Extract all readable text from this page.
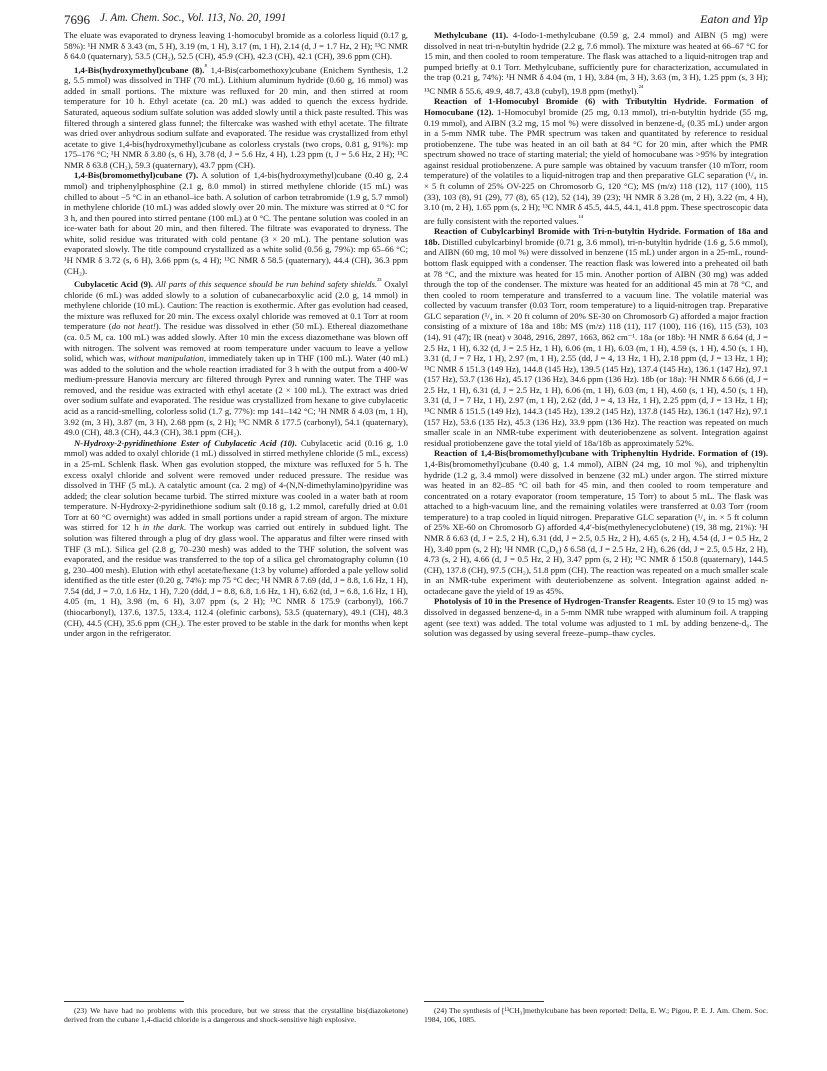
7696 J. Am. Chem. Soc., Vol. 113, No. 20, 1991	Eaton and Yip

The eluate was evaporated to dryness leaving 1-homocubyl bromide as a colorless liquid (0.17 g, 58%): ¹H NMR δ 3.43 (m, 5 H), 3.19 (m, 1 H), 3.17 (m, 1 H), 2.14 (d, J = 1.7 Hz, 2 H); ¹³C NMR δ 64.0 (quaternary), 53.5 (CH₂), 52.5 (CH), 45.9 (CH), 42.3 (CH), 42.1 (CH), 39.6 ppm (CH).

1,4-Bis(hydroxymethyl)cubane (8).$^{^8}$ 1,4-Bis(carbomethoxy)cubane (Enichem Synthesis, 1.2 g, 5.5 mmol) was dissolved in THF (70 mL). Lithium aluminum hydride (0.60 g, 16 mmol) was added in small portions. The mixture was refluxed for 20 min, and then stirred at room temperature for 10 h. Ethyl acetate (ca. 20 mL) was added to quench the excess hydride. Saturated, aqueous sodium sulfate solution was added slowly until a thick paste resulted. This was filtered through a sintered glass funnel; the filtercake was washed with ethyl acetate. The filtrate was dried over anhydrous sodium sulfate and evaporated. The residue was crystallized from ethyl acetate to give 1,4-bis(hydroxymethyl)cubane as colorless crystals (two crops, 0.81 g, 91%): mp 175–176 °C; ¹H NMR δ 3.80 (s, 6 H), 3.78 (d, J = 5.6 Hz, 4 H), 1.23 ppm (t, J = 5.6 Hz, 2 H); ¹³C NMR δ 63.8 (CH₂), 59.3 (quaternary), 43.7 ppm (CH).

1,4-Bis(bromomethyl)cubane (7). A solution of 1,4-bis(hydroxymethyl)cubane (0.40 g, 2.4 mmol) and triphenylphosphine (2.1 g, 8.0 mmol) in stirred methylene chloride (15 mL) was chilled to about −5 °C in an ethanol–ice bath. A solution of carbon tetrabromide (1.9 g, 5.7 mmol) in methylene chloride (10 mL) was added slowly over 20 min. The mixture was stirred at 0 °C for 3 h, and then poured into stirred pentane (100 mL) at 0 °C. The pentane solution was cooled in an ice-water bath for about 20 min, and then filtered. The filtrate was evaporated to dryness. The white, solid residue was triturated with cold pentane (3 × 20 mL). The pentane solution was evaporated slowly. The title compound crystallized as a white solid (0.56 g, 79%): mp 65–66 °C; ¹H NMR δ 3.72 (s, 6 H), 3.66 ppm (s, 4 H); ¹³C NMR δ 58.5 (quaternary), 44.4 (CH), 36.3 ppm (CH₂).

Cubylacetic Acid (9). All parts of this sequence should be run behind safety shields.$^{^{23}}$ Oxalyl chloride (6 mL) was added slowly to a solution of cubanecarboxylic acid (2.0 g, 14 mmol) in methylene chloride (10 mL). Caution: The reaction is exothermic. After gas evolution had ceased, the mixture was refluxed for 20 min. The excess oxalyl chloride was removed at 0.1 Torr at room temperature (do not heat!). The residue was dissolved in ether (50 mL). Ethereal diazomethane (ca. 0.5 M, ca. 100 mL) was added slowly. After 10 min the excess diazomethane was blown off with nitrogen. The solvent was removed at room temperature under vacuum to leave a yellow solid, which was, without manipulation, immediately taken up in THF (100 mL). Water (40 mL) was added to the solution and the whole reaction irradiated for 3 h with the output from a 400-W medium-pressure Hanovia mercury arc filtered through Pyrex and running water. The THF was removed, and the residue was extracted with ethyl acetate (2 × 100 mL). The extract was dried over sodium sulfate and evaporated. The residue was crystallized from hexane to give cubylacetic acid as a rancid-smelling, colorless solid (1.7 g, 77%): mp 141–142 °C; ¹H NMR δ 4.03 (m, 1 H), 3.92 (m, 3 H), 3.87 (m, 3 H), 2.68 ppm (s, 2 H); ¹³C NMR δ 177.5 (carbonyl), 54.1 (quaternary), 49.0 (CH), 48.3 (CH), 44.3 (CH), 38.1 ppm (CH₂).

N-Hydroxy-2-pyridinethione Ester of Cubylacetic Acid (10). Cubylacetic acid (0.16 g, 1.0 mmol) was added to oxalyl chloride (1 mL) dissolved in stirred methylene chloride (5 mL, excess) in a 25-mL Schlenk flask. When gas evolution stopped, the mixture was refluxed for 5 h. The excess oxalyl chloride and solvent were removed under reduced pressure. The residue was dissolved in THF (5 mL). A catalytic amount (ca. 2 mg) of 4-(N,N-dimethylamino)pyridine was added; the clear solution became turbid. The stirred mixture was cooled in a water bath at room temperature. N-Hydroxy-2-pyridinethione sodium salt (0.18 g, 1.2 mmol, carefully dried at 0.01 Torr at 60 °C overnight) was added in small portions under a rapid stream of argon. The mixture was stirred for 12 h in the dark. The workup was carried out entirely in subdued light. The solution was filtered through a plug of dry glass wool. The apparatus and filter were rinsed with THF (3 mL). Silica gel (2.8 g, 70–230 mesh) was added to the THF solution, the solvent was evaporated, and the residue was transferred to the top of a silica gel chromatography column (10 g, 230–400 mesh). Elution with ethyl acetate/hexane (1:3 by volume) afforded a pale yellow solid identified as the title ester (0.20 g, 74%): mp 75 °C dec; ¹H NMR δ 7.69 (dd, J = 8.8, 1.6 Hz, 1 H), 7.54 (dd, J = 7.0, 1.6 Hz, 1 H), 7.20 (ddd, J = 8.8, 6.8, 1.6 Hz, 1 H), 6.62 (td, J = 6.8, 1.6 Hz, 1 H), 4.05 (m, 1 H), 3.98 (m, 6 H), 3.07 ppm (s, 2 H); ¹³C NMR δ 175.9 (carbonyl), 166.7 (thiocarbonyl), 137.6, 137.5, 133.4, 112.4 (olefinic carbons), 53.5 (quaternary), 49.1 (CH), 48.3 (CH), 44.5 (CH), 35.6 ppm (CH₂). The ester proved to be stable in the dark for months when kept under argon in the refrigerator.

Methylcubane (11). 4-Iodo-1-methylcubane (0.59 g, 2.4 mmol) and AIBN (5 mg) were dissolved in neat tri-n-butyltin hydride (2.2 g, 7.6 mmol). The mixture was heated at 66–67 °C for 15 min, and then cooled to room temperature. The flask was attached to a liquid-nitrogen trap and pumped briefly at 0.1 Torr. Methylcubane, sufficiently pure for characterization, accumulated in the trap (0.21 g, 74%): ¹H NMR δ 4.04 (m, 1 H), 3.84 (m, 3 H), 3.63 (m, 3 H), 1.25 ppm (s, 3 H); ¹³C NMR δ 55.6, 49.9, 48.7, 43.8 (cubyl), 19.8 ppm (methyl).$^{^{24}}$

Reaction of 1-Homocubyl Bromide (6) with Tributyltin Hydride. Formation of Homocubane (12). 1-Homocubyl bromide (25 mg, 0.13 mmol), tri-n-butyltin hydride (55 mg, 0.19 mmol), and AIBN (3.2 mg, 15 mol %) were dissolved in benzene-d₆ (0.35 mL) under argon in a 5-mm NMR tube. The PMR spectrum was taken and quantitated by reference to residual protiobenzene. The tube was heated in an oil bath at 84 °C for 20 min, after which the PMR spectrum showed no trace of starting material; the yield of homocubane was >95% by integration against residual protiobenzene. A pure sample was obtained by vacuum transfer (10 mTorr, room temperature) of the volatiles to a liquid-nitrogen trap and then preparative GLC separation (¹/₄ in. × 5 ft column of 25% OV-225 on Chromosorb G, 120 °C); MS (m/z) 118 (12), 117 (100), 115 (33), 103 (8), 91 (29), 77 (8), 65 (12), 52 (14), 39 (23); ¹H NMR δ 3.28 (m, 2 H), 3.22 (m, 4 H), 3.10 (m, 2 H), 1.65 ppm (s, 2 H); ¹³C NMR δ 45.5, 44.5, 44.1, 41.8 ppm. These spectroscopic data are fully consistent with the reported values.$^{^{14}}$

Reaction of Cubylcarbinyl Bromide with Tri-n-butyltin Hydride. Formation of 18a and 18b. Distilled cubylcarbinyl bromide (0.71 g, 3.6 mmol), tri-n-butyltin hydride (1.6 g, 5.6 mmol), and AIBN (60 mg, 10 mol %) were dissolved in benzene (15 mL) under argon in a 25-mL, round-bottom flask equipped with a condenser. The reaction flask was lowered into a preheated oil bath at 78 °C, and the mixture was heated for 15 min. Another portion of AIBN (30 mg) was added through the top of the condenser. The mixture was heated for an additional 45 min at 78 °C, and then cooled to room temperature and transferred to a vacuum line. The volatile material was collected by vacuum transfer (0.03 Torr, room temperature) to a liquid-nitrogen trap. Preparative GLC separation (¹/₄ in. × 20 ft column of 20% SE-30 on Chromosorb G) afforded a major fraction consisting of a mixture of 18a and 18b: MS (m/z) 118 (11), 117 (100), 116 (16), 115 (53), 103 (14), 91 (47); IR (neat) ν 3048, 2916, 2897, 1663, 862 cm⁻¹. 18a (or 18b): ¹H NMR δ 6.64 (d, J = 2.5 Hz, 1 H), 6.32 (d, J = 2.5 Hz, 1 H), 6.06 (m, 1 H), 6.03 (m, 1 H), 4.59 (s, 1 H), 4.50 (s, 1 H), 3.31 (d, J = 7 Hz, 1 H), 2.97 (m, 1 H), 2.55 (dd, J = 4, 13 Hz, 1 H), 2.18 ppm (d, J = 13 Hz, 1 H); ¹³C NMR δ 151.3 (149 Hz), 144.8 (145 Hz), 139.5 (145 Hz), 137.4 (145 Hz), 136.1 (147 Hz), 97.1 (157 Hz), 53.7 (136 Hz), 45.17 (136 Hz), 34.6 ppm (136 Hz). 18b (or 18a): ¹H NMR δ 6.66 (d, J = 2.5 Hz, 1 H), 6.31 (d, J = 2.5 Hz, 1 H), 6.06 (m, 1 H), 6.03 (m, 1 H), 4.60 (s, 1 H), 4.50 (s, 1 H), 3.31 (d, J = 7 Hz, 1 H), 2.97 (m, 1 H), 2.62 (dd, J = 4, 13 Hz, 1 H), 2.25 ppm (d, J = 13 Hz, 1 H); ¹³C NMR δ 151.5 (149 Hz), 144.3 (145 Hz), 139.2 (145 Hz), 137.8 (145 Hz), 136.1 (147 Hz), 97.1 (157 Hz), 53.6 (135 Hz), 45.3 (136 Hz), 33.9 ppm (136 Hz). The reaction was repeated on much smaller scale in an NMR-tube experiment with deuteriobenzene as solvent. Integration against residual protiobenzene gave the total yield of 18a/18b as approximately 52%.

Reaction of 1,4-Bis(bromomethyl)cubane with Triphenyltin Hydride. Formation of (19). 1,4-Bis(bromomethyl)cubane (0.40 g, 1.4 mmol), AIBN (24 mg, 10 mol %), and triphenyltin hydride (1.2 g, 3.4 mmol) were dissolved in benzene (32 mL) under argon. The stirred mixture was heated in an 82–85 °C oil bath for 45 min, and then cooled to room temperature and concentrated on a rotary evaporator (room temperature, 15 Torr) to about 5 mL. The flask was attached to a high-vacuum line, and the remaining volatiles were transferred at 0.03 Torr (room temperature) to a trap cooled in liquid nitrogen. Preparative GLC separation (¹/₄ in. × 5 ft column of 25% XE-60 on Chromosorb G) afforded 4,4′-bis(methylenecyclobutene) (19, 38 mg, 21%): ¹H NMR δ 6.63 (d, J = 2.5, 2 H), 6.31 (dd, J = 2.5, 0.5 Hz, 2 H), 4.65 (s, 2 H), 4.54 (d, J = 0.5 Hz, 2 H), 3.40 ppm (s, 2 H); ¹H NMR (C₆D₆) δ 6.58 (d, J = 2.5 Hz, 2 H), 6.26 (dd, J = 2.5, 0.5 Hz, 2 H), 4.73 (s, 2 H), 4.66 (d, J = 0.5 Hz, 2 H), 3.47 ppm (s, 2 H); ¹³C NMR δ 150.8 (quaternary), 144.5 (CH), 137.8 (CH), 97.5 (CH₂), 51.8 ppm (CH). The reaction was repeated on a much smaller scale in an NMR-tube experiment with deuteriobenzene as solvent. Integration against added n-octadecane gave the yield of 19 as 45%.

Photolysis of 10 in the Presence of Hydrogen-Transfer Reagents. Ester 10 (9 to 15 mg) was dissolved in degassed benzene-d₆ in a 5-mm NMR tube wrapped with aluminum foil. A trapping agent (see text) was added. The total volume was adjusted to 1 mL by adding benzene-d₆. The solution was degassed by using several freeze–pump–thaw cycles.

(23) We have had no problems with this procedure, but we stress that the crystalline bis(diazoketone) derived from the cubane 1,4-diacid chloride is a dangerous and shock-sensitive high explosive.

(24) The synthesis of [¹³CH₃]methylcubane has been reported: Della, E. W.; Pigou, P. E. J. Am. Chem. Soc. 1984, 106, 1085.
